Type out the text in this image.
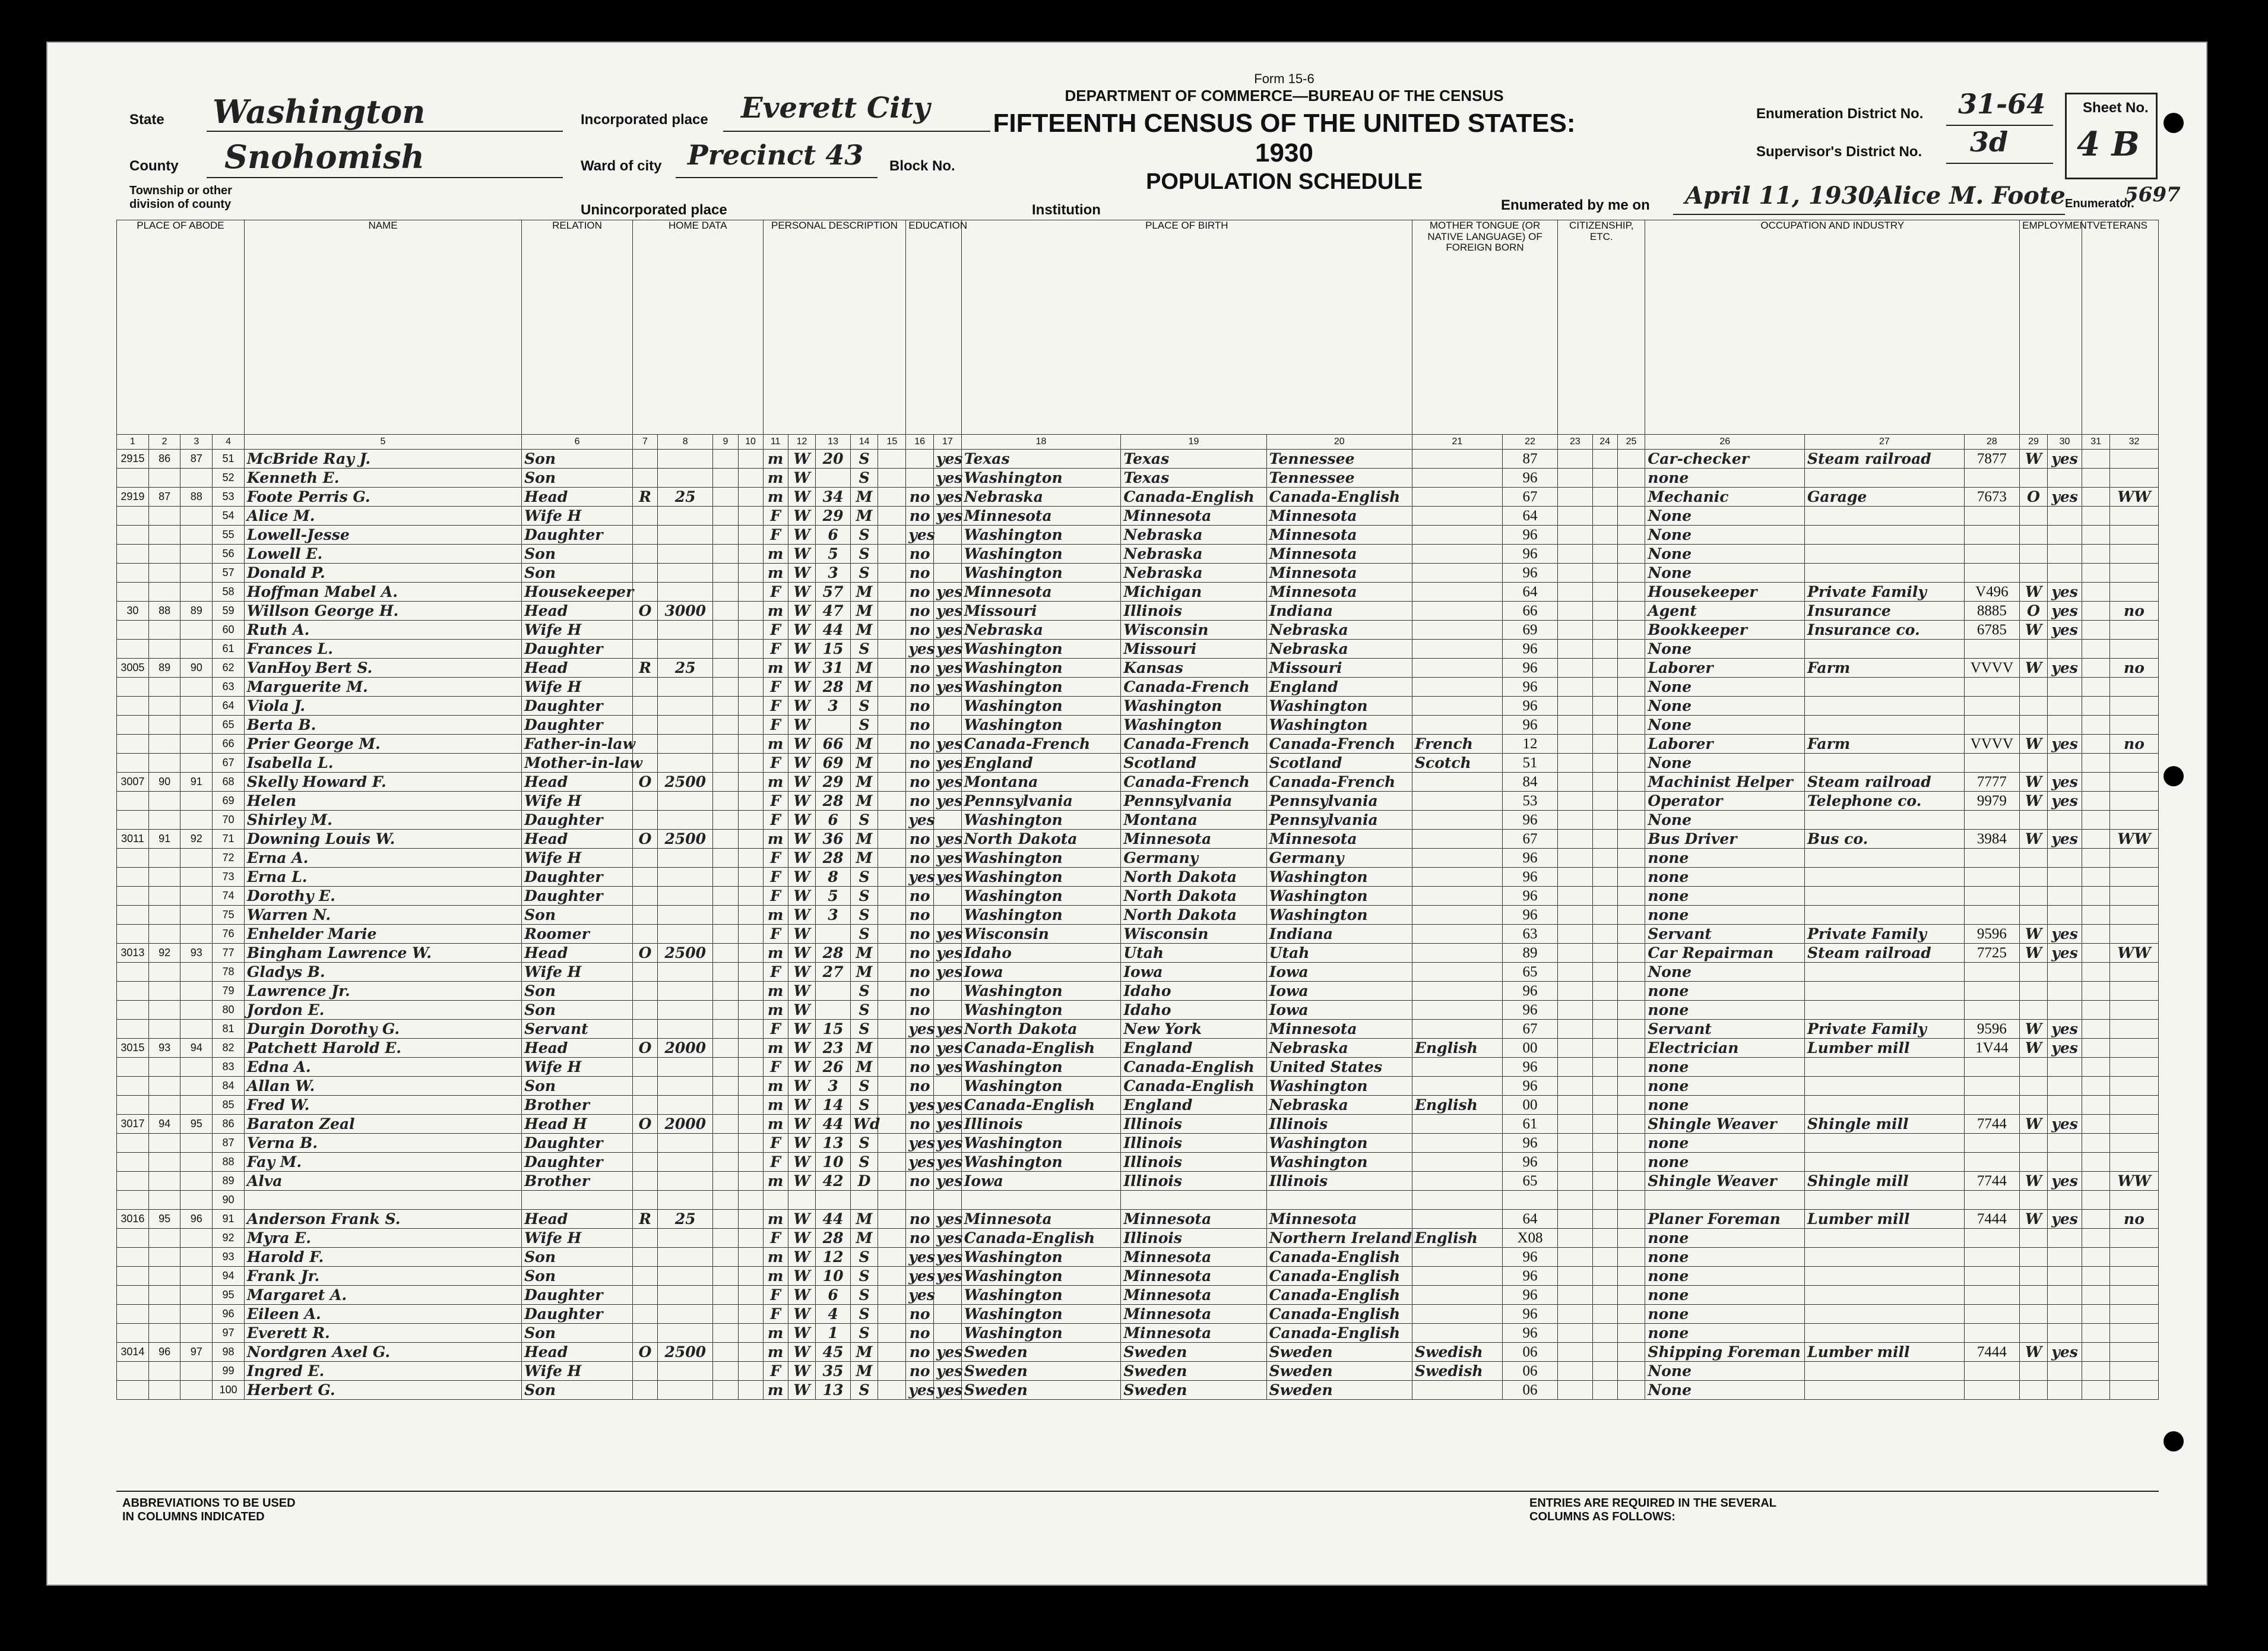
Form 15-6
DEPARTMENT OF COMMERCE—BUREAU OF THE CENSUS
FIFTEENTH CENSUS OF THE UNITED STATES: 1930
POPULATION SCHEDULE
State Washington
County Snohomish
Township or other division of county
Incorporated place Everett City
Ward of city Precinct 43 Block No.
Unincorporated place	Institution
Enumeration District No. 31-64
Supervisor's District No. 3d
Sheet No.
4 B
Enumerated by me on April 11, 1930,
Alice M. Foote Enumerator.
5697
PLACE OF ABODE				NAME	RELATION	HOME DATA				PERSONAL DESCRIPTION					EDUCATION		PLACE OF BIRTH			MOTHER TONGUE (OR NATIVE LANGUAGE) OF FOREIGN BORN		CITIZENSHIP, ETC.			OCCUPATION AND INDUSTRY			EMPLOYMENT		VETERANS	
1	2	3	4	5	6	7	8	9	10	11	12	13	14	15	16	17	18	19	20	21	22	23	24	25	26	27	28	29	30	31	32
2915	86	87	51	McBride Ray J.	Son					m	W	20	S			yes	Texas	Texas	Tennessee		87				Car-checker	Steam railroad	7877	W	yes		
			52	Kenneth E.	Son					m	W		S			yes	Washington	Texas	Tennessee		96				none						
2919	87	88	53	Foote Perris G.	Head	R	25			m	W	34	M		no	yes	Nebraska	Canada-English	Canada-English		67				Mechanic	Garage	7673	O	yes		WW
			54	Alice M.	Wife H					F	W	29	M		no	yes	Minnesota	Minnesota	Minnesota		64				None						
			55	Lowell-Jesse	Daughter					F	W	6	S		yes		Washington	Nebraska	Minnesota		96				None						
			56	Lowell E.	Son					m	W	5	S		no		Washington	Nebraska	Minnesota		96				None						
			57	Donald P.	Son					m	W	3	S		no		Washington	Nebraska	Minnesota		96				None						
			58	Hoffman Mabel A.	Housekeeper					F	W	57	M		no	yes	Minnesota	Michigan	Minnesota		64				Housekeeper	Private Family	V496	W	yes		
30	88	89	59	Willson George H.	Head	O	3000			m	W	47	M		no	yes	Missouri	Illinois	Indiana		66				Agent	Insurance	8885	O	yes		no
			60	Ruth A.	Wife H					F	W	44	M		no	yes	Nebraska	Wisconsin	Nebraska		69				Bookkeeper	Insurance co.	6785	W	yes		
			61	Frances L.	Daughter					F	W	15	S		yes	yes	Washington	Missouri	Nebraska		96				None						
3005	89	90	62	VanHoy Bert S.	Head	R	25			m	W	31	M		no	yes	Washington	Kansas	Missouri		96				Laborer	Farm	VVVV	W	yes		no
			63	Marguerite M.	Wife H					F	W	28	M		no	yes	Washington	Canada-French	England		96				None						
			64	Viola J.	Daughter					F	W	3	S		no		Washington	Washington	Washington		96				None						
			65	Berta B.	Daughter					F	W		S		no		Washington	Washington	Washington		96				None						
			66	Prier George M.	Father-in-law					m	W	66	M		no	yes	Canada-French	Canada-French	Canada-French	French	12				Laborer	Farm	VVVV	W	yes		no
			67	Isabella L.	Mother-in-law					F	W	69	M		no	yes	England	Scotland	Scotland	Scotch	51				None						
3007	90	91	68	Skelly Howard F.	Head	O	2500			m	W	29	M		no	yes	Montana	Canada-French	Canada-French		84				Machinist Helper	Steam railroad	7777	W	yes		
			69	Helen	Wife H					F	W	28	M		no	yes	Pennsylvania	Pennsylvania	Pennsylvania		53				Operator	Telephone co.	9979	W	yes		
			70	Shirley M.	Daughter					F	W	6	S		yes		Washington	Montana	Pennsylvania		96				None						
3011	91	92	71	Downing Louis W.	Head	O	2500			m	W	36	M		no	yes	North Dakota	Minnesota	Minnesota		67				Bus Driver	Bus co.	3984	W	yes		WW
			72	Erna A.	Wife H					F	W	28	M		no	yes	Washington	Germany	Germany		96				none						
			73	Erna L.	Daughter					F	W	8	S		yes	yes	Washington	North Dakota	Washington		96				none						
			74	Dorothy E.	Daughter					F	W	5	S		no		Washington	North Dakota	Washington		96				none						
			75	Warren N.	Son					m	W	3	S		no		Washington	North Dakota	Washington		96				none						
			76	Enhelder Marie	Roomer					F	W		S		no	yes	Wisconsin	Wisconsin	Indiana		63				Servant	Private Family	9596	W	yes		
3013	92	93	77	Bingham Lawrence W.	Head	O	2500			m	W	28	M		no	yes	Idaho	Utah	Utah		89				Car Repairman	Steam railroad	7725	W	yes		WW
			78	Gladys B.	Wife H					F	W	27	M		no	yes	Iowa	Iowa	Iowa		65				None						
			79	Lawrence Jr.	Son					m	W		S		no		Washington	Idaho	Iowa		96				none						
			80	Jordon E.	Son					m	W		S		no		Washington	Idaho	Iowa		96				none						
			81	Durgin Dorothy G.	Servant					F	W	15	S		yes	yes	North Dakota	New York	Minnesota		67				Servant	Private Family	9596	W	yes		
3015	93	94	82	Patchett Harold E.	Head	O	2000			m	W	23	M		no	yes	Canada-English	England	Nebraska	English	00				Electrician	Lumber mill	1V44	W	yes		
			83	Edna A.	Wife H					F	W	26	M		no	yes	Washington	Canada-English	United States		96				none						
			84	Allan W.	Son					m	W	3	S		no		Washington	Canada-English	Washington		96				none						
			85	Fred W.	Brother					m	W	14	S		yes	yes	Canada-English	England	Nebraska	English	00				none						
3017	94	95	86	Baraton Zeal	Head H	O	2000			m	W	44	Wd		no	yes	Illinois	Illinois	Illinois		61				Shingle Weaver	Shingle mill	7744	W	yes		
			87	Verna B.	Daughter					F	W	13	S		yes	yes	Washington	Illinois	Washington		96				none						
			88	Fay M.	Daughter					F	W	10	S		yes	yes	Washington	Illinois	Washington		96				none						
			89	Alva	Brother					m	W	42	D		no	yes	Iowa	Illinois	Illinois		65				Shingle Weaver	Shingle mill	7744	W	yes		WW
			90																												
3016	95	96	91	Anderson Frank S.	Head	R	25			m	W	44	M		no	yes	Minnesota	Minnesota	Minnesota		64				Planer Foreman	Lumber mill	7444	W	yes		no
			92	Myra E.	Wife H					F	W	28	M		no	yes	Canada-English	Illinois	Northern Ireland	English	X08				none						
			93	Harold F.	Son					m	W	12	S		yes	yes	Washington	Minnesota	Canada-English		96				none						
			94	Frank Jr.	Son					m	W	10	S		yes	yes	Washington	Minnesota	Canada-English		96				none						
			95	Margaret A.	Daughter					F	W	6	S		yes		Washington	Minnesota	Canada-English		96				none						
			96	Eileen A.	Daughter					F	W	4	S		no		Washington	Minnesota	Canada-English		96				none						
			97	Everett R.	Son					m	W	1	S		no		Washington	Minnesota	Canada-English		96				none						
3014	96	97	98	Nordgren Axel G.	Head	O	2500			m	W	45	M		no	yes	Sweden	Sweden	Sweden	Swedish	06				Shipping Foreman	Lumber mill	7444	W	yes		
			99	Ingred E.	Wife H					F	W	35	M		no	yes	Sweden	Sweden	Sweden	Swedish	06				None						
			100	Herbert G.	Son					m	W	13	S		yes	yes	Sweden	Sweden	Sweden		06				None						
ABBREVIATIONS TO BE USED IN COLUMNS INDICATED
ENTRIES ARE REQUIRED IN THE SEVERAL COLUMNS AS FOLLOWS:
